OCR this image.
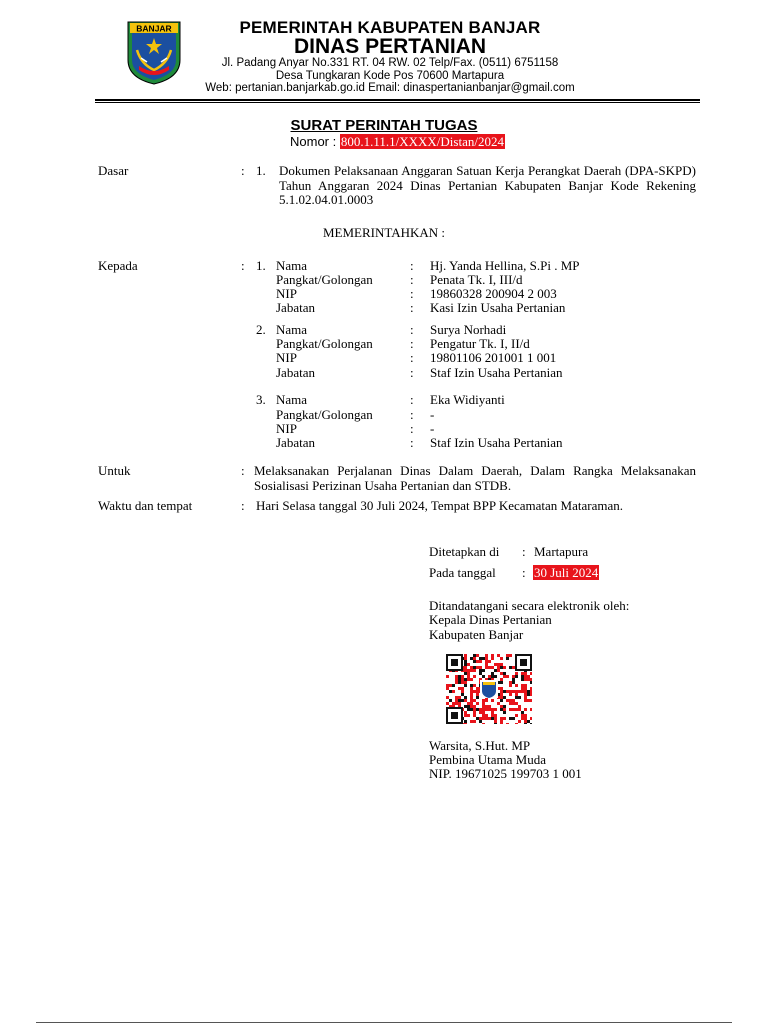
BANJAR	PEMERINTAH KABUPATEN BANJAR
DINAS PERTANIAN
Jl. Padang Anyar No.331 RT. 04 RW. 02 Telp/Fax. (0511) 6751158
Desa Tungkaran Kode Pos 70600 Martapura
Web: pertanian.banjarkab.go.id Email: dinaspertanianbanjar@gmail.com
SURAT PERINTAH TUGAS
Nomor : 800.1.11.1/XXXX/Distan/2024
Dasar	: 1. Dokumen Pelaksanaan Anggaran Satuan Kerja Perangkat Daerah (DPA-SKPD) Tahun Anggaran 2024 Dinas Pertanian Kabupaten Banjar Kode Rekening 5.1.02.04.01.0003
MEMERINTAHKAN :
Kepada	: 1. Nama	: Hj. Yanda Hellina, S.Pi . MP
Pangkat/Golongan	: Penata Tk. I, III/d
NIP	: 19860328 200904 2 003
Jabatan	: Kasi Izin Usaha Pertanian
2. Nama	: Surya Norhadi
Pangkat/Golongan	: Pengatur Tk. I, II/d
NIP	: 19801106 201001 1 001
Jabatan	: Staf Izin Usaha Pertanian
3. Nama	: Eka Widiyanti
Pangkat/Golongan	: -
NIP	: -
Jabatan	: Staf Izin Usaha Pertanian
Untuk	: Melaksanakan Perjalanan Dinas Dalam Daerah, Dalam Rangka Melaksanakan Sosialisasi Perizinan Usaha Pertanian dan STDB.
Waktu dan tempat	: Hari Selasa tanggal 30 Juli 2024, Tempat BPP Kecamatan Mataraman.
Ditetapkan di : Martapura
Pada tanggal : 30 Juli 2024
Ditandatangani secara elektronik oleh:
Kepala Dinas Pertanian
Kabupaten Banjar
Warsita, S.Hut. MP
Pembina Utama Muda
NIP. 19671025 199703 1 001
